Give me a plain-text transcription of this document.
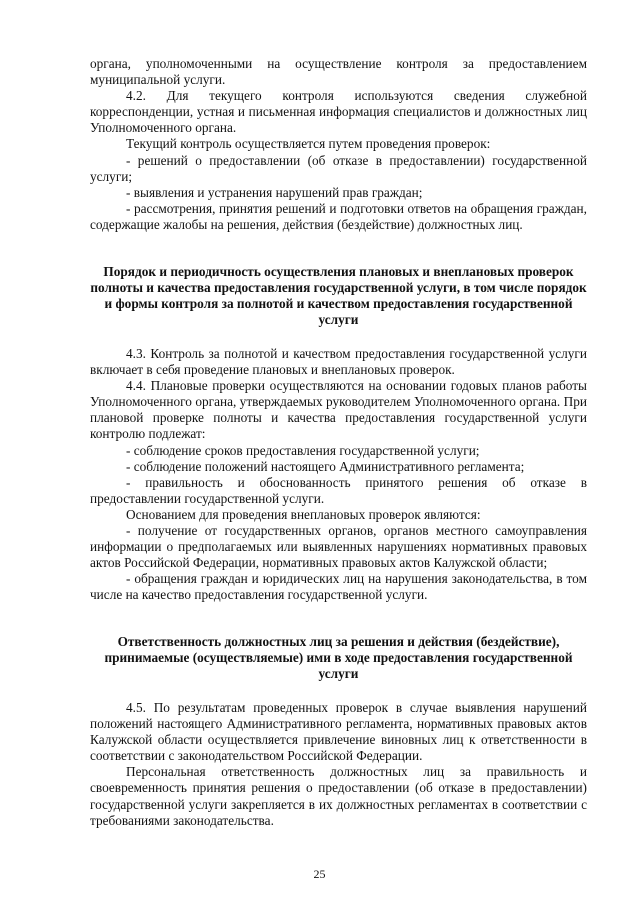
органа, уполномоченными на осуществление контроля за предоставлением муниципальной услуги.

4.2. Для текущего контроля используются сведения служебной корреспонденции, устная и письменная информация специалистов и должностных лиц Уполномоченного органа.

Текущий контроль осуществляется путем проведения проверок:

- решений о предоставлении (об отказе в предоставлении) государственной услуги;

- выявления и устранения нарушений прав граждан;

- рассмотрения, принятия решений и подготовки ответов на обращения граждан, содержащие жалобы на решения, действия (бездействие) должностных лиц.

Порядок и периодичность осуществления плановых и внеплановых проверок полноты и качества предоставления государственной услуги, в том числе порядок и формы контроля за полнотой и качеством предоставления государственной услуги

4.3. Контроль за полнотой и качеством предоставления государственной услуги включает в себя проведение плановых и внеплановых проверок.

4.4. Плановые проверки осуществляются на основании годовых планов работы Уполномоченного органа, утверждаемых руководителем Уполномоченного органа. При плановой проверке полноты и качества предоставления государственной услуги контролю подлежат:

- соблюдение сроков предоставления государственной услуги;

- соблюдение положений настоящего Административного регламента;

- правильность и обоснованность принятого решения об отказе в предоставлении государственной услуги.

Основанием для проведения внеплановых проверок являются:

- получение от государственных органов, органов местного самоуправления информации о предполагаемых или выявленных нарушениях нормативных правовых актов Российской Федерации, нормативных правовых актов Калужской области;

- обращения граждан и юридических лиц на нарушения законодательства, в том числе на качество предоставления государственной услуги.

Ответственность должностных лиц за решения и действия (бездействие), принимаемые (осуществляемые) ими в ходе предоставления государственной услуги

4.5. По результатам проведенных проверок в случае выявления нарушений положений настоящего Административного регламента, нормативных правовых актов Калужской области осуществляется привлечение виновных лиц к ответственности в соответствии с законодательством Российской Федерации.

Персональная ответственность должностных лиц за правильность и своевременность принятия решения о предоставлении (об отказе в предоставлении) государственной услуги закрепляется в их должностных регламентах в соответствии с требованиями законодательства.

25
